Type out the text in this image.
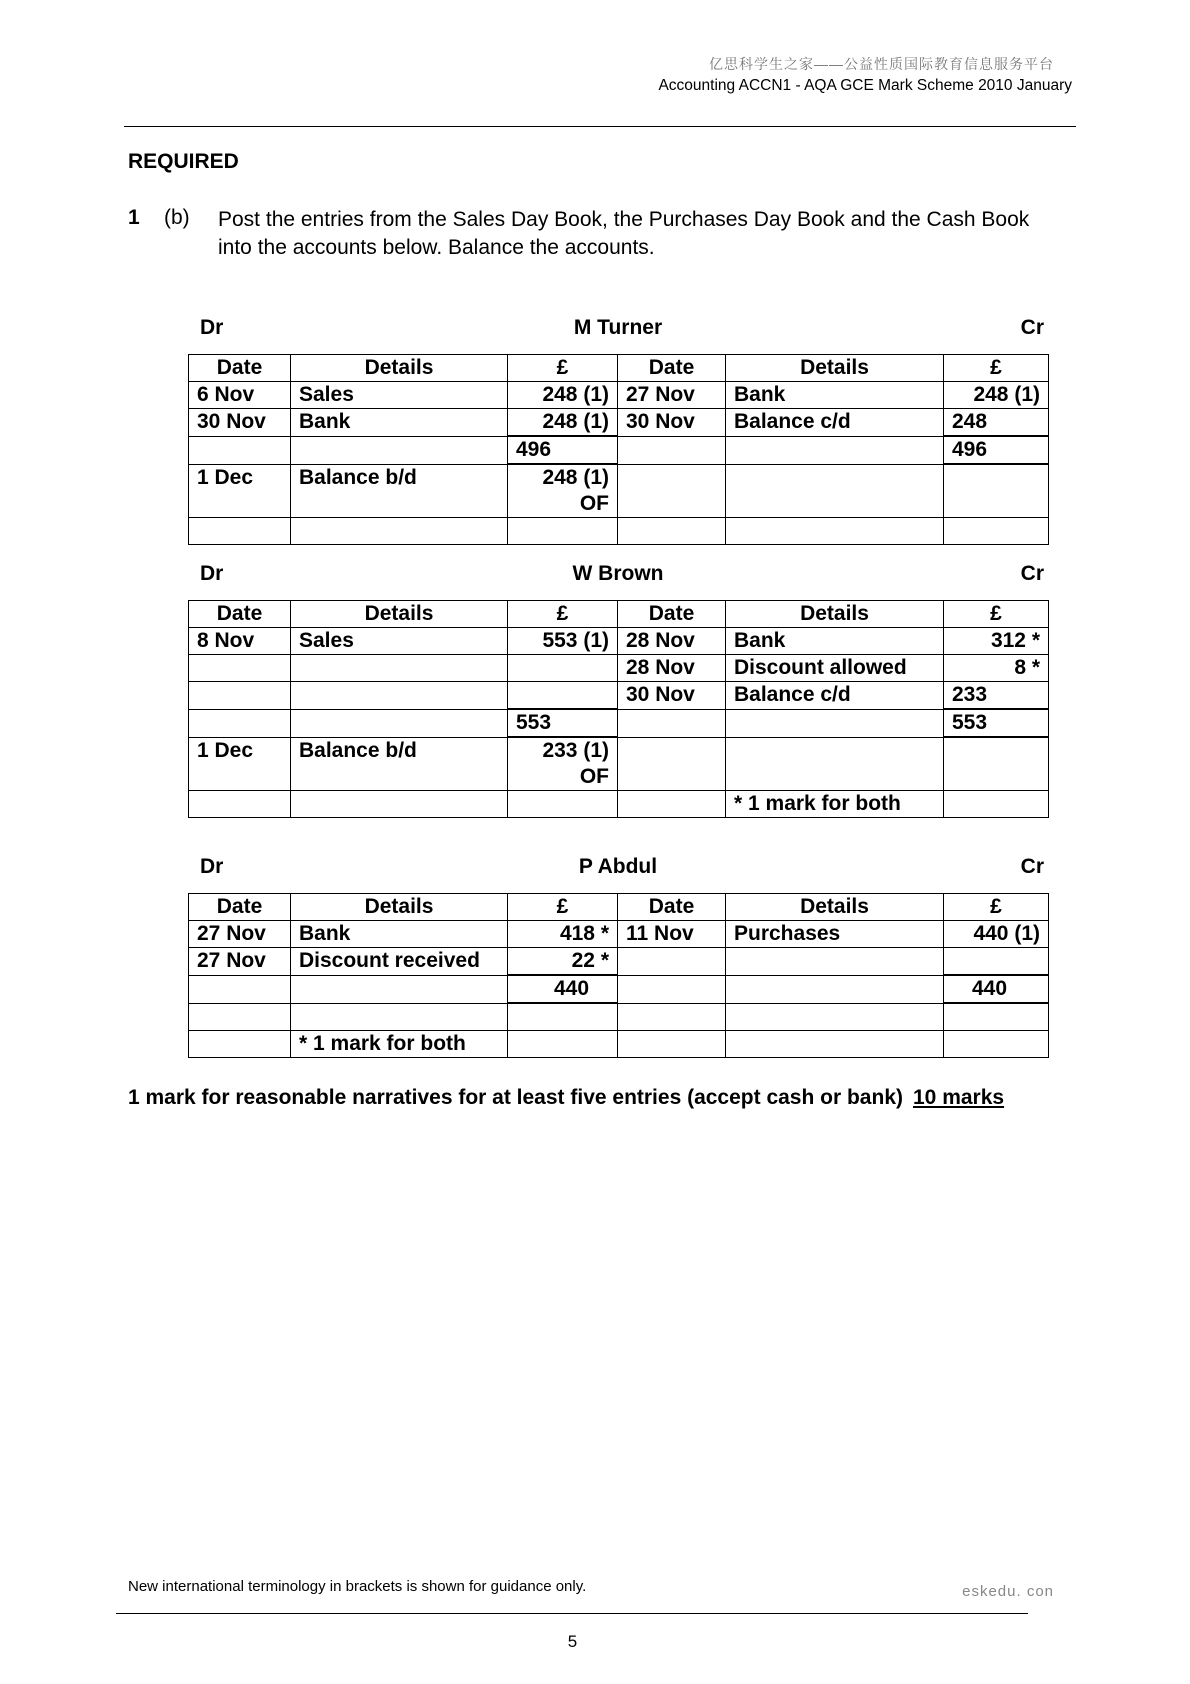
亿思科学生之家——公益性质国际教育信息服务平台
Accounting ACCN1 - AQA GCE Mark Scheme 2010 January
REQUIRED
1 (b) Post the entries from the Sales Day Book, the Purchases Day Book and the Cash Book into the accounts below. Balance the accounts.
Dr	M Turner	Cr
Date	Details	£	Date	Details	£
6 Nov	Sales	248 (1)	27 Nov	Bank	248 (1)
30 Nov	Bank	248 (1)	30 Nov	Balance c/d	248
		496			496
1 Dec	Balance b/d	248 (1)
OF			

Dr	W Brown	Cr
Date	Details	£	Date	Details	£
8 Nov	Sales	553 (1)	28 Nov	Bank	312 *
			28 Nov	Discount allowed	8 *
			30 Nov	Balance c/d	233
		553			553
1 Dec	Balance b/d	233 (1)
OF			

				* 1 mark for both	
Dr	P Abdul	Cr
Date	Details	£	Date	Details	£
27 Nov	Bank	418 *	11 Nov	Purchases	440 (1)
27 Nov	Discount received	22 *			
		440			440

	* 1 mark for both				
1 mark for reasonable narratives for at least five entries (accept cash or bank) 10 marks
New international terminology in brackets is shown for guidance only.	eskedu. con
5
